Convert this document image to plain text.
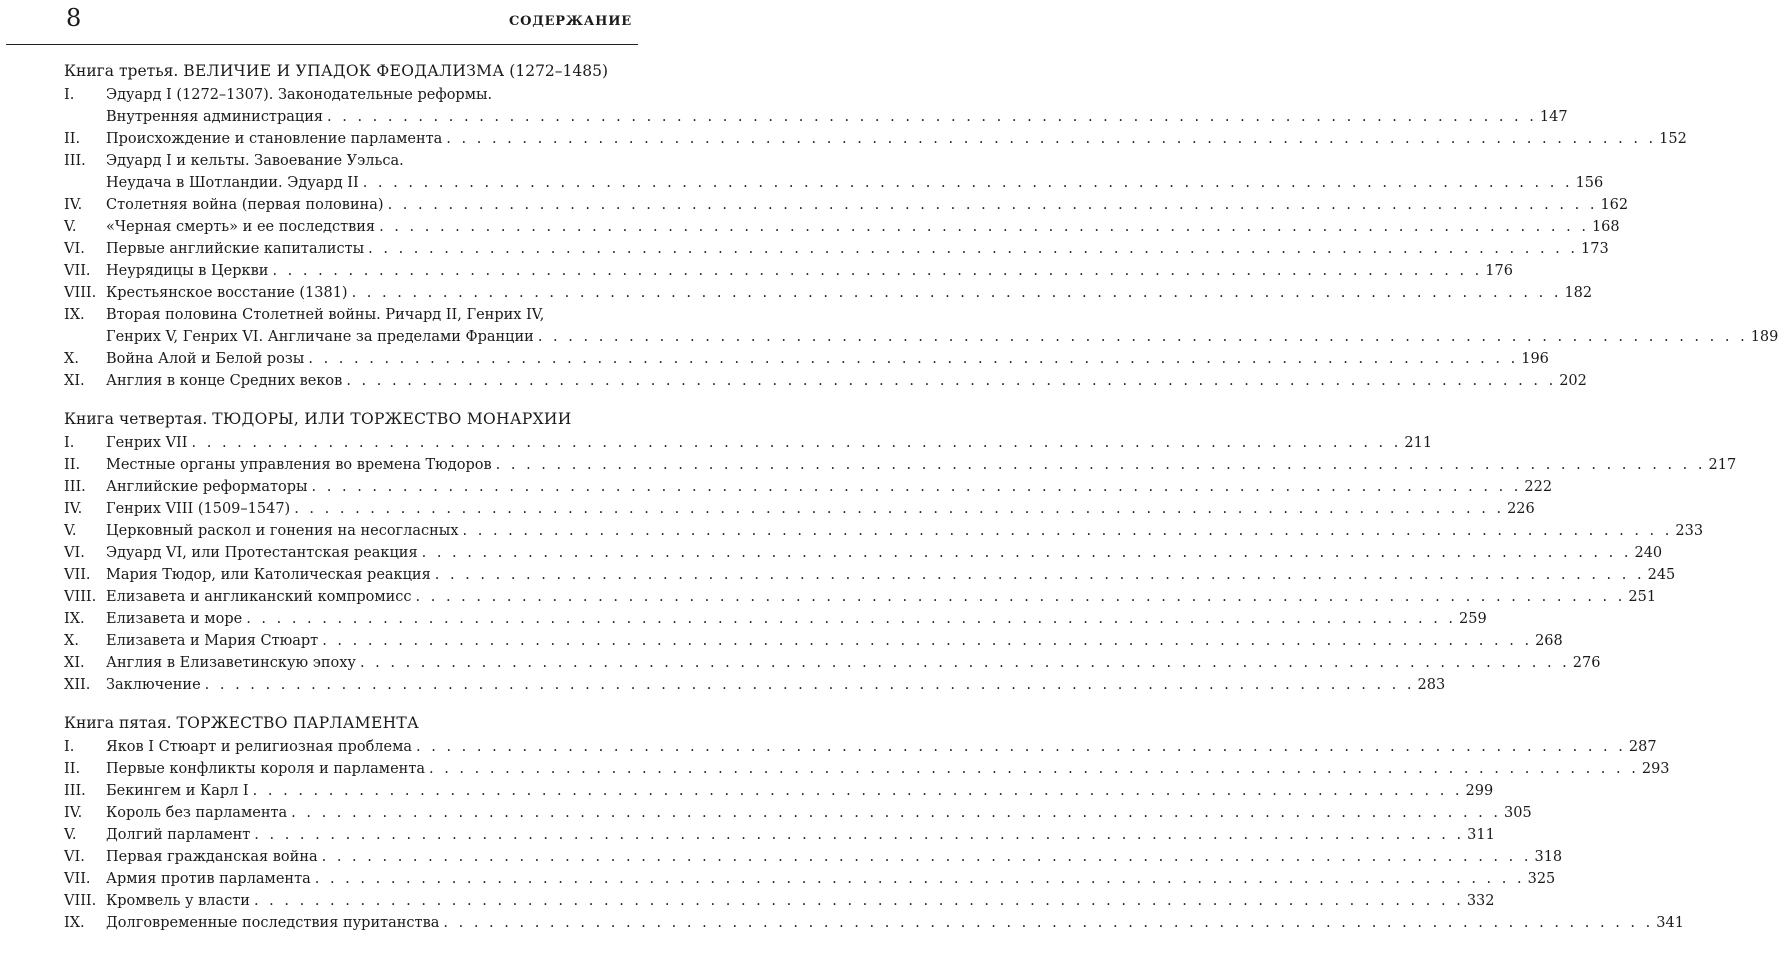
8	СОДЕРЖАНИЕ
Книга третья. ВЕЛИЧИЕ И УПАДОК ФЕОДАЛИЗМА (1272–1485)
I.	Эдуард I (1272–1307). Законодательные реформы.
Внутренняя администрация . . . . . . . . . . . . . . . . . . . . . . . . . . . . . . . . . . . . . . . . . . . . . . . . . . . . . . . . . . . . . . . . . . . . . . . . . . . . . . . . 147
II.	Происхождение и становление парламента . . . . . . . . . . . . . . . . . . . . . . . . . . . . . . . . . . . . . . . . . . . . . . . . . . . . . . . . . . . . . . . . . . . . . . . . . . . . . . . . 152
III.	Эдуард I и кельты. Завоевание Уэльса.
Неудача в Шотландии. Эдуард II . . . . . . . . . . . . . . . . . . . . . . . . . . . . . . . . . . . . . . . . . . . . . . . . . . . . . . . . . . . . . . . . . . . . . . . . . . . . . . . . 156
IV.	Столетняя война (первая половина) . . . . . . . . . . . . . . . . . . . . . . . . . . . . . . . . . . . . . . . . . . . . . . . . . . . . . . . . . . . . . . . . . . . . . . . . . . . . . . . . 162
V.	«Черная смерть» и ее последствия . . . . . . . . . . . . . . . . . . . . . . . . . . . . . . . . . . . . . . . . . . . . . . . . . . . . . . . . . . . . . . . . . . . . . . . . . . . . . . . . 168
VI.	Первые английские капиталисты . . . . . . . . . . . . . . . . . . . . . . . . . . . . . . . . . . . . . . . . . . . . . . . . . . . . . . . . . . . . . . . . . . . . . . . . . . . . . . . . 173
VII.	Неурядицы в Церкви . . . . . . . . . . . . . . . . . . . . . . . . . . . . . . . . . . . . . . . . . . . . . . . . . . . . . . . . . . . . . . . . . . . . . . . . . . . . . . . . 176
VIII. Крестьянское восстание (1381) . . . . . . . . . . . . . . . . . . . . . . . . . . . . . . . . . . . . . . . . . . . . . . . . . . . . . . . . . . . . . . . . . . . . . . . . . . . . . . . . 182
IX.	Вторая половина Столетней войны. Ричард II, Генрих IV,
Генрих V, Генрих VI. Англичане за пределами Франции . . . . . . . . . . . . . . . . . . . . . . . . . . . . . . . . . . . . . . . . . . . . . . . . . . . . . . . . . . . . . . . . . . . . . . . . . . . . . . . . 189
X.	Война Алой и Белой розы . . . . . . . . . . . . . . . . . . . . . . . . . . . . . . . . . . . . . . . . . . . . . . . . . . . . . . . . . . . . . . . . . . . . . . . . . . . . . . . . 196
XI.	Англия в конце Средних веков . . . . . . . . . . . . . . . . . . . . . . . . . . . . . . . . . . . . . . . . . . . . . . . . . . . . . . . . . . . . . . . . . . . . . . . . . . . . . . . . 202
Книга четвертая. ТЮДОРЫ, ИЛИ ТОРЖЕСТВО МОНАРХИИ
I.	Генрих VII . . . . . . . . . . . . . . . . . . . . . . . . . . . . . . . . . . . . . . . . . . . . . . . . . . . . . . . . . . . . . . . . . . . . . . . . . . . . . . . . 211
II.	Местные органы управления во времена Тюдоров . . . . . . . . . . . . . . . . . . . . . . . . . . . . . . . . . . . . . . . . . . . . . . . . . . . . . . . . . . . . . . . . . . . . . . . . . . . . . . . . 217
III.	Английские реформаторы . . . . . . . . . . . . . . . . . . . . . . . . . . . . . . . . . . . . . . . . . . . . . . . . . . . . . . . . . . . . . . . . . . . . . . . . . . . . . . . . 222
IV.	Генрих VIII (1509–1547) . . . . . . . . . . . . . . . . . . . . . . . . . . . . . . . . . . . . . . . . . . . . . . . . . . . . . . . . . . . . . . . . . . . . . . . . . . . . . . . . 226
V.	Церковный раскол и гонения на несогласных . . . . . . . . . . . . . . . . . . . . . . . . . . . . . . . . . . . . . . . . . . . . . . . . . . . . . . . . . . . . . . . . . . . . . . . . . . . . . . . . 233
VI.	Эдуард VI, или Протестантская реакция . . . . . . . . . . . . . . . . . . . . . . . . . . . . . . . . . . . . . . . . . . . . . . . . . . . . . . . . . . . . . . . . . . . . . . . . . . . . . . . . 240
VII.	Мария Тюдор, или Католическая реакция . . . . . . . . . . . . . . . . . . . . . . . . . . . . . . . . . . . . . . . . . . . . . . . . . . . . . . . . . . . . . . . . . . . . . . . . . . . . . . . . 245
VIII. Елизавета и англиканский компромисс . . . . . . . . . . . . . . . . . . . . . . . . . . . . . . . . . . . . . . . . . . . . . . . . . . . . . . . . . . . . . . . . . . . . . . . . . . . . . . . . 251
IX.	Елизавета и море . . . . . . . . . . . . . . . . . . . . . . . . . . . . . . . . . . . . . . . . . . . . . . . . . . . . . . . . . . . . . . . . . . . . . . . . . . . . . . . . 259
X.	Елизавета и Мария Стюарт . . . . . . . . . . . . . . . . . . . . . . . . . . . . . . . . . . . . . . . . . . . . . . . . . . . . . . . . . . . . . . . . . . . . . . . . . . . . . . . . 268
XI.	Англия в Елизаветинскую эпоху . . . . . . . . . . . . . . . . . . . . . . . . . . . . . . . . . . . . . . . . . . . . . . . . . . . . . . . . . . . . . . . . . . . . . . . . . . . . . . . . 276
XII.	Заключение . . . . . . . . . . . . . . . . . . . . . . . . . . . . . . . . . . . . . . . . . . . . . . . . . . . . . . . . . . . . . . . . . . . . . . . . . . . . . . . . 283
Книга пятая. ТОРЖЕСТВО ПАРЛАМЕНТА
I.	Яков I Стюарт и религиозная проблема . . . . . . . . . . . . . . . . . . . . . . . . . . . . . . . . . . . . . . . . . . . . . . . . . . . . . . . . . . . . . . . . . . . . . . . . . . . . . . . . 287
II.	Первые конфликты короля и парламента . . . . . . . . . . . . . . . . . . . . . . . . . . . . . . . . . . . . . . . . . . . . . . . . . . . . . . . . . . . . . . . . . . . . . . . . . . . . . . . . 293
III.	Бекингем и Карл I . . . . . . . . . . . . . . . . . . . . . . . . . . . . . . . . . . . . . . . . . . . . . . . . . . . . . . . . . . . . . . . . . . . . . . . . . . . . . . . . 299
IV.	Король без парламента . . . . . . . . . . . . . . . . . . . . . . . . . . . . . . . . . . . . . . . . . . . . . . . . . . . . . . . . . . . . . . . . . . . . . . . . . . . . . . . . 305
V.	Долгий парламент . . . . . . . . . . . . . . . . . . . . . . . . . . . . . . . . . . . . . . . . . . . . . . . . . . . . . . . . . . . . . . . . . . . . . . . . . . . . . . . . 311
VI.	Первая гражданская война . . . . . . . . . . . . . . . . . . . . . . . . . . . . . . . . . . . . . . . . . . . . . . . . . . . . . . . . . . . . . . . . . . . . . . . . . . . . . . . . 318
VII.	Армия против парламента . . . . . . . . . . . . . . . . . . . . . . . . . . . . . . . . . . . . . . . . . . . . . . . . . . . . . . . . . . . . . . . . . . . . . . . . . . . . . . . . 325
VIII. Кромвель у власти . . . . . . . . . . . . . . . . . . . . . . . . . . . . . . . . . . . . . . . . . . . . . . . . . . . . . . . . . . . . . . . . . . . . . . . . . . . . . . . . 332
IX.	Долговременные последствия пуританства . . . . . . . . . . . . . . . . . . . . . . . . . . . . . . . . . . . . . . . . . . . . . . . . . . . . . . . . . . . . . . . . . . . . . . . . . . . . . . . . 341
